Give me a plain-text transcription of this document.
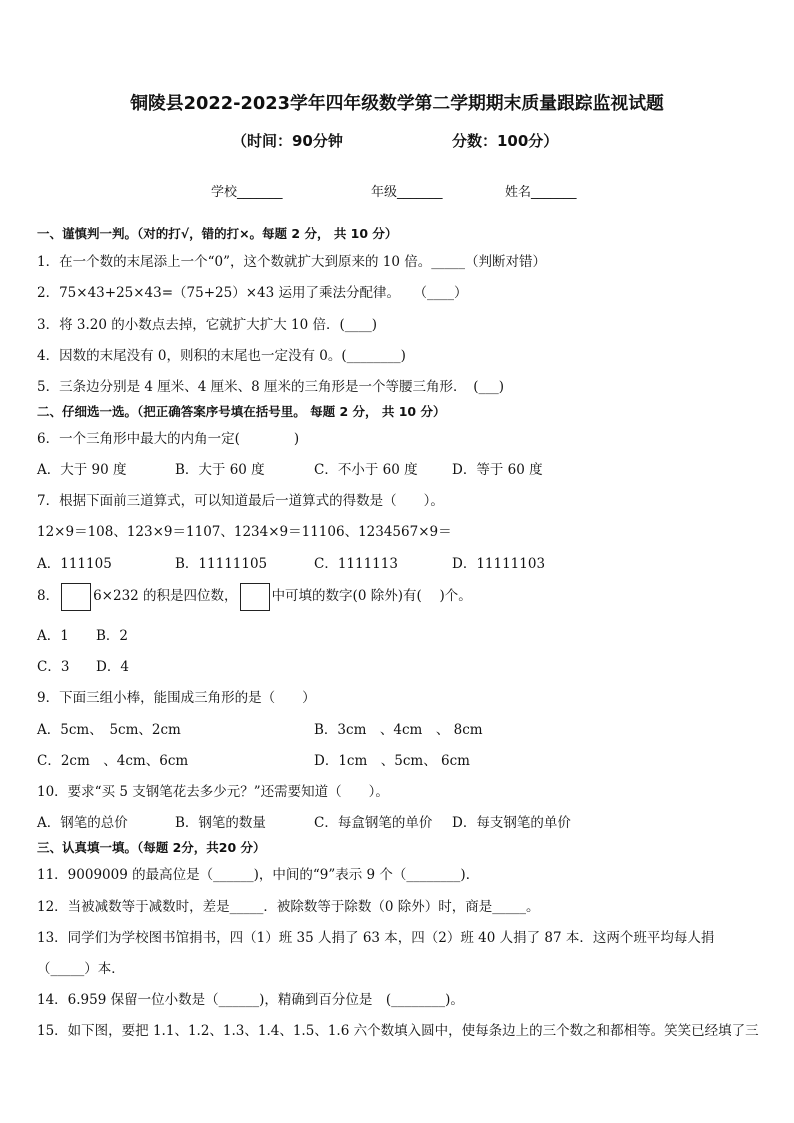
铜陵县2022-2023学年四年级数学第二学期期末质量跟踪监视试题
（时间：90分钟	分数：100分）
学校_______	年级_______	姓名_______
一、谨慎判一判。（对的打√，错的打×。每题 2 分， 共 10 分）
1．在一个数的末尾添上一个“0”，这个数就扩大到原来的 10 倍。_____（判断对错）
2．75×43+25×43=（75+25）×43 运用了乘法分配律。　　（____）
3．将 3.20 的小数点去掉，它就扩大扩大 10 倍．(____)
4．因数的末尾没有 0，则积的末尾也一定没有 0。(________)
5．三条边分别是 4 厘米、4 厘米、8 厘米的三角形是一个等腰三角形．　(___)
二、仔细选一选。（把正确答案序号填在括号里。 每题 2 分， 共 10 分）
6．一个三角形中最大的内角一定(　　　　)
A．大于 90 度	B．大于 60 度	C．不小于 60 度	D．等于 60 度
7．根据下面前三道算式，可以知道最后一道算式的得数是（　　）。
12×9＝108、123×9＝1107、1234×9＝11106、1234567×9＝
A．111105	B．11111105	C．1111113	D．11111103
8．	6×232 的积是四位数，	中可填的数字(0 除外)有(　 )个。
A．1 B．2
C．3 D．4
9．下面三组小棒，能围成三角形的是（　　）
A．5cm、　5cm、2cm	B．3cm　、4cm　、 8cm
C．2cm　、4cm、6cm	D．1cm　、5cm、 6cm
10．要求“买 5 支钢笔花去多少元？”还需要知道（　　）。
A．钢笔的总价	B．钢笔的数量	C．每盒钢笔的单价 D．每支钢笔的单价
三、认真填一填。（每题 2分，共20 分）
11．9009009 的最高位是（______)，中间的“9”表示 9 个（________)．
12．当被减数等于减数时，差是_____．被除数等于除数（0 除外）时，商是_____。
13．同学们为学校图书馆捐书，四（1）班 35 人捐了 63 本，四（2）班 40 人捐了 87 本．这两个班平均每人捐
（_____）本．
14．6.959 保留一位小数是（______)，精确到百分位是　(________)。
15．如下图，要把 1.1、1.2、1.3、1.4、1.5、1.6 六个数填入圆中，使每条边上的三个数之和都相等。笑笑已经填了三
